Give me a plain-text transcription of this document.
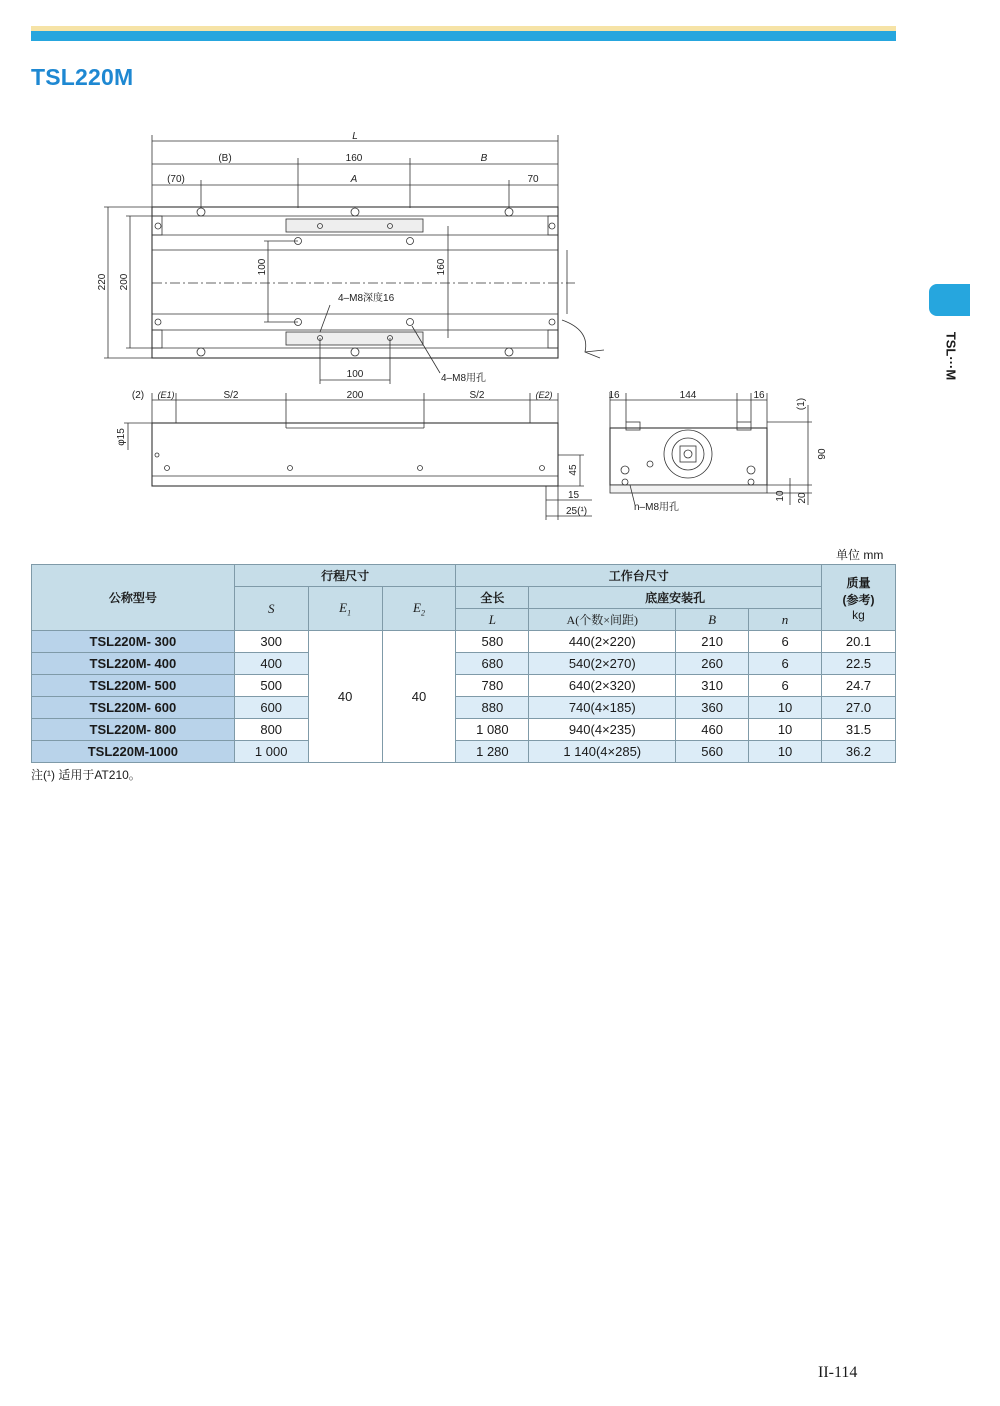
TSL220M
TSL···M
L
(B)	160	B
(70)	A	70
220 200
100	160
4–M8深度16
100	4–M8用孔
(2) (E1)	S/2	200	S/2	(E2)
φ15
45
15
25(¹)
16	144	16
(1)
90
10 20
n–M8用孔
单位 mm
公称型号	行程尺寸			工作台尺寸				质量
(参考)
kg

	S	$E_1$	$E_2$	全长	底座安装孔			
				L	A(个数×间距)	B	n	
TSL220M- 300	300	40	40	580	440(2×220)	210	6	20.1
TSL220M- 400	400			680	540(2×270)	260	6	22.5
TSL220M- 500	500			780	640(2×320)	310	6	24.7
TSL220M- 600	600			880	740(4×185)	360	10	27.0
TSL220M- 800	800			1 080	940(4×235)	460	10	31.5
TSL220M-1000	1 000			1 280	1 140(4×285)	560	10	36.2
注(¹) 适用于AT210。
II-114
